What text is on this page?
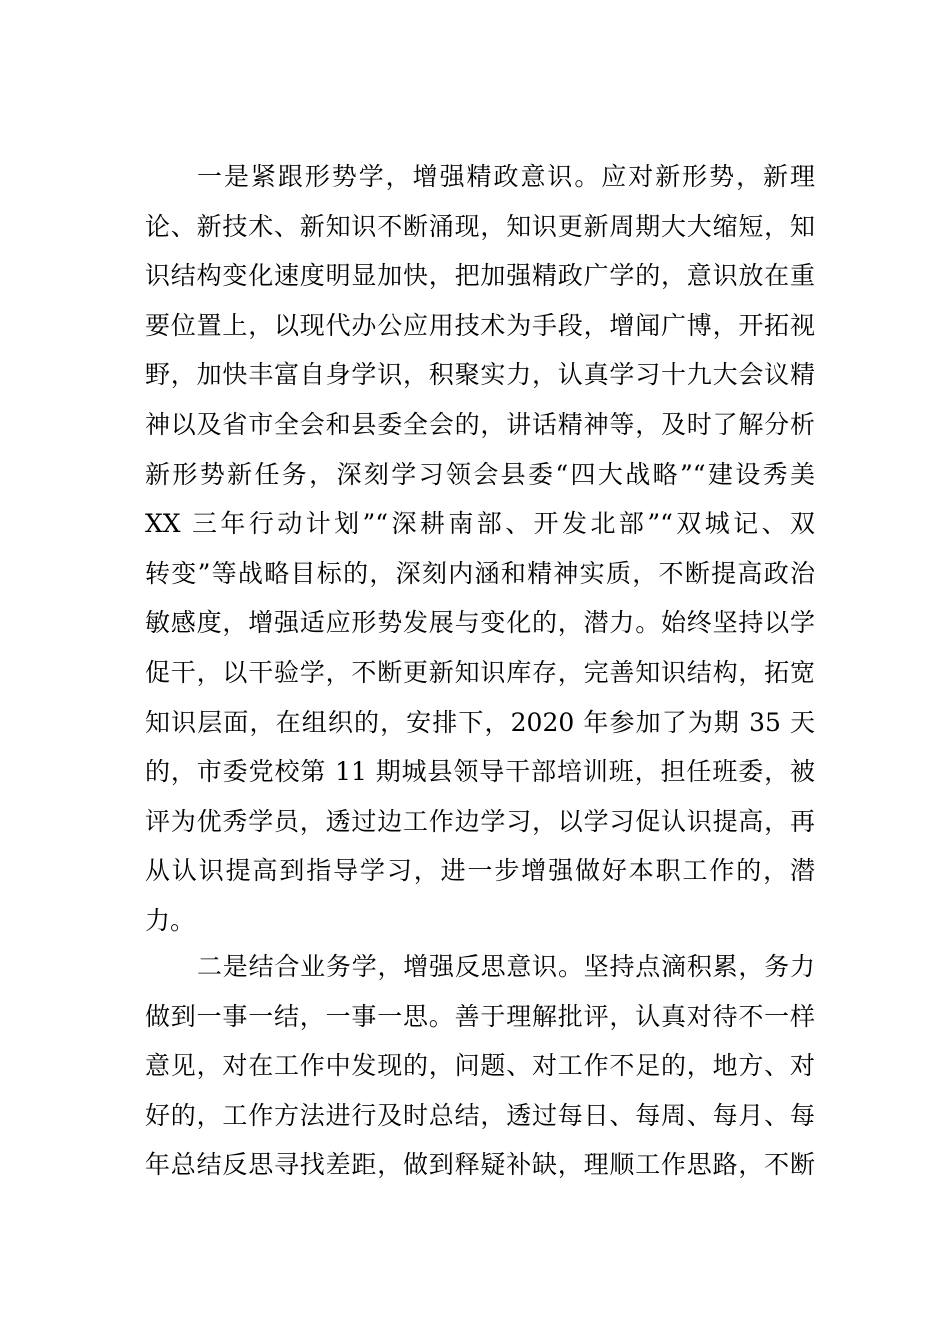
一是紧跟形势学，增强精政意识。应对新形势，新理
论、新技术、新知识不断涌现，知识更新周期大大缩短，知
识结构变化速度明显加快，把加强精政广学的，意识放在重
要位置上，以现代办公应用技术为手段，增闻广博，开拓视
野，加快丰富自身学识，积聚实力，认真学习十九大会议精
神以及省市全会和县委全会的，讲话精神等，及时了解分析
新形势新任务，深刻学习领会县委“四大战略”“建设秀美
XX 三年行动计划”“深耕南部、开发北部”“双城记、双
转变”等战略目标的，深刻内涵和精神实质，不断提高政治
敏感度，增强适应形势发展与变化的，潜力。始终坚持以学
促干，以干验学，不断更新知识库存，完善知识结构，拓宽
知识层面，在组织的，安排下，2020 年参加了为期 35 天
的，市委党校第 11 期城县领导干部培训班，担任班委，被
评为优秀学员，透过边工作边学习，以学习促认识提高，再
从认识提高到指导学习，进一步增强做好本职工作的，潜
力。
二是结合业务学，增强反思意识。坚持点滴积累，务力
做到一事一结，一事一思。善于理解批评，认真对待不一样
意见，对在工作中发现的，问题、对工作不足的，地方、对
好的，工作方法进行及时总结，透过每日、每周、每月、每
年总结反思寻找差距，做到释疑补缺，理顺工作思路，不断
